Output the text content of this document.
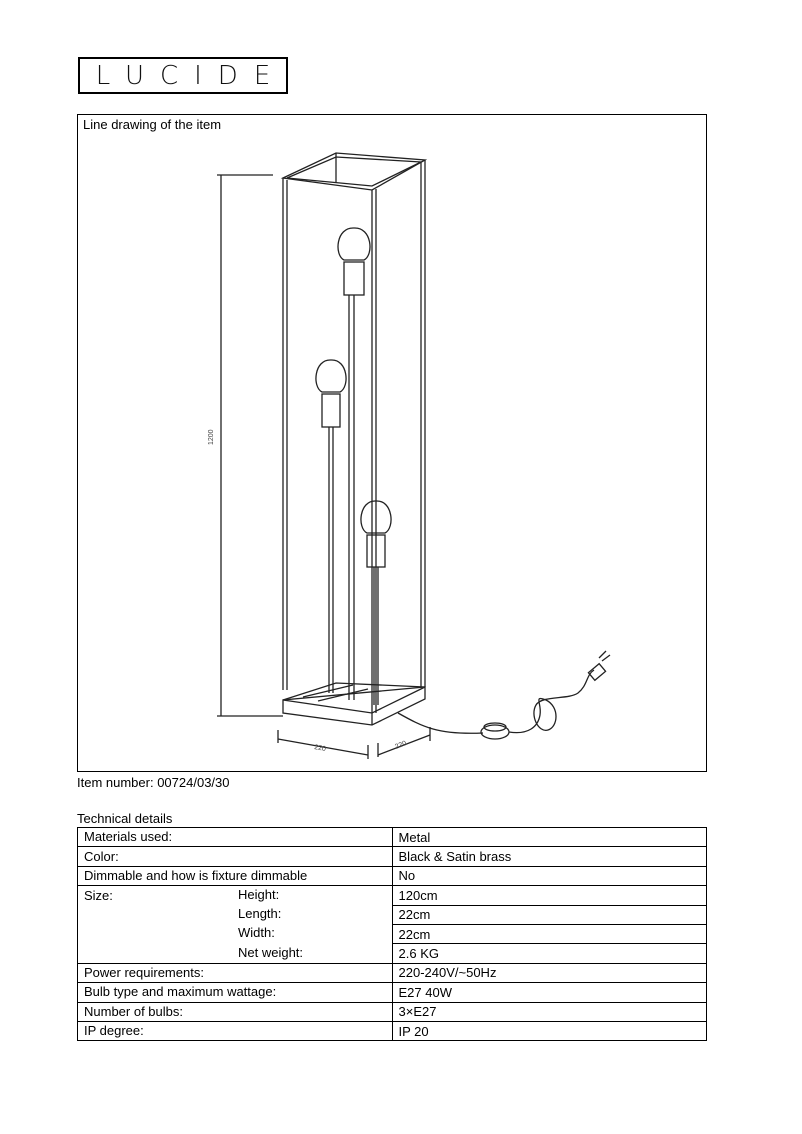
LUCIDE
Line drawing of the item
1200
220	220
Item number: 00724/03/30
Technical details
Materials used:	Metal
Color:	Black & Satin brass
Dimmable and how is fixture dimmable	No
Size: Height:	120cm

Length:	22cm

Width:	22cm

Net weight:	2.6 KG
Power requirements:	220-240V/~50Hz
Bulb type and maximum wattage:	E27 40W
Number of bulbs:	3×E27
IP degree:	IP 20
